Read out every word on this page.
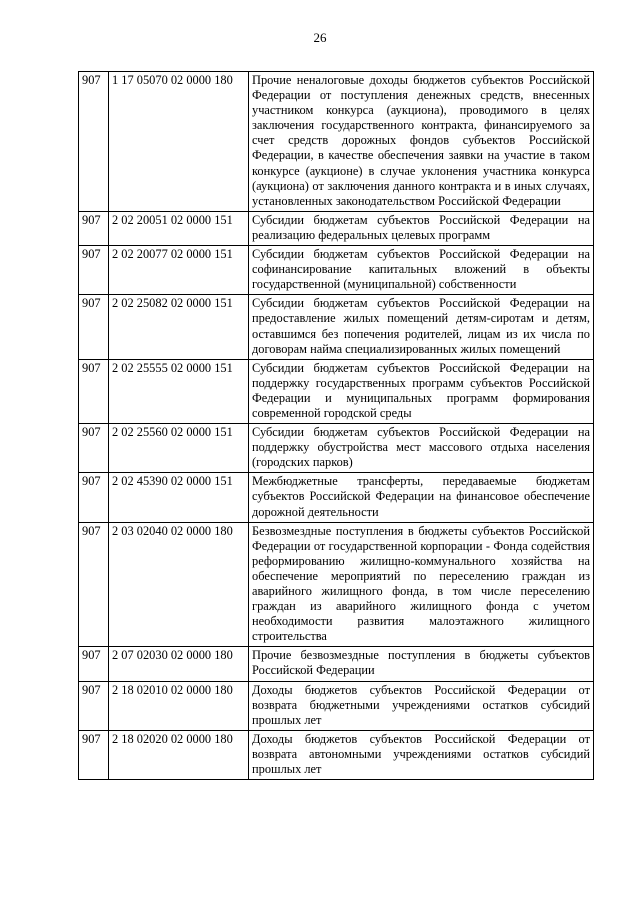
26
907	1 17 05070 02 0000 180	Прочие неналоговые доходы бюджетов субъектов Российской Федерации от поступления денежных средств, внесенных участником конкурса (аукциона), проводимого в целях заключения государственного контракта, финансируемого за счет средств дорожных фондов субъектов Российской Федерации, в качестве обеспечения заявки на участие в таком конкурсе (аукционе) в случае уклонения участника конкурса (аукциона) от заключения данного контракта и в иных случаях, установленных законодательством Российской Федерации
907	2 02 20051 02 0000 151	Субсидии бюджетам субъектов Российской Федерации на реализацию федеральных целевых программ
907	2 02 20077 02 0000 151	Субсидии бюджетам субъектов Российской Федерации на софинансирование капитальных вложений в объекты государственной (муниципальной) собственности
907	2 02 25082 02 0000 151	Субсидии бюджетам субъектов Российской Федерации на предоставление жилых помещений детям-сиротам и детям, оставшимся без попечения родителей, лицам из их числа по договорам найма специализированных жилых помещений
907	2 02 25555 02 0000 151	Субсидии бюджетам субъектов Российской Федерации на поддержку государственных программ субъектов Российской Федерации и муниципальных программ формирования современной городской среды
907	2 02 25560 02 0000 151	Субсидии бюджетам субъектов Российской Федерации на поддержку обустройства мест массового отдыха населения (городских парков)
907	2 02 45390 02 0000 151	Межбюджетные трансферты, передаваемые бюджетам субъектов Российской Федерации на финансовое обеспечение дорожной деятельности
907	2 03 02040 02 0000 180	Безвозмездные поступления в бюджеты субъектов Российской Федерации от государственной корпорации - Фонда содействия реформированию жилищно-коммунального хозяйства на обеспечение мероприятий по переселению граждан из аварийного жилищного фонда, в том числе переселению граждан из аварийного жилищного фонда с учетом необходимости развития малоэтажного жилищного строительства
907	2 07 02030 02 0000 180	Прочие безвозмездные поступления в бюджеты субъектов Российской Федерации
907	2 18 02010 02 0000 180	Доходы бюджетов субъектов Российской Федерации от возврата бюджетными учреждениями остатков субсидий прошлых лет
907	2 18 02020 02 0000 180	Доходы бюджетов субъектов Российской Федерации от возврата автономными учреждениями остатков субсидий прошлых лет
